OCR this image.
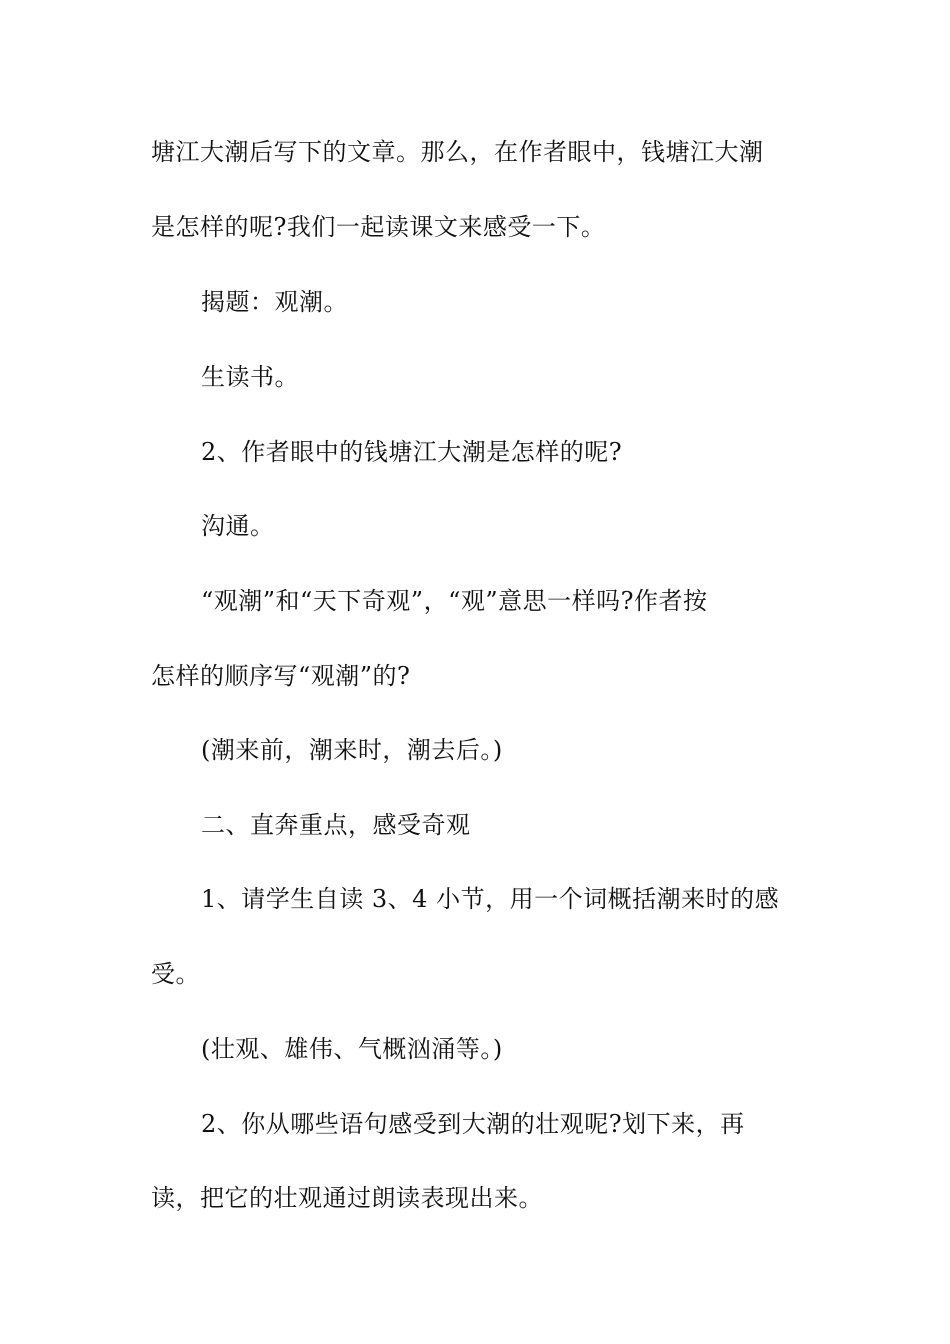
塘江大潮后写下的文章。那么，在作者眼中，钱塘江大潮
是怎样的呢?我们一起读课文来感受一下。
揭题：观潮。
生读书。
2、作者眼中的钱塘江大潮是怎样的呢?
沟通。
“观潮”和“天下奇观”，“观”意思一样吗?作者按
怎样的顺序写“观潮”的?
(潮来前，潮来时，潮去后。)
二、直奔重点，感受奇观
1、请学生自读 3、4 小节，用一个词概括潮来时的感
受。
(壮观、雄伟、气概汹涌等。)
2、你从哪些语句感受到大潮的壮观呢?划下来，再
读，把它的壮观通过朗读表现出来。
